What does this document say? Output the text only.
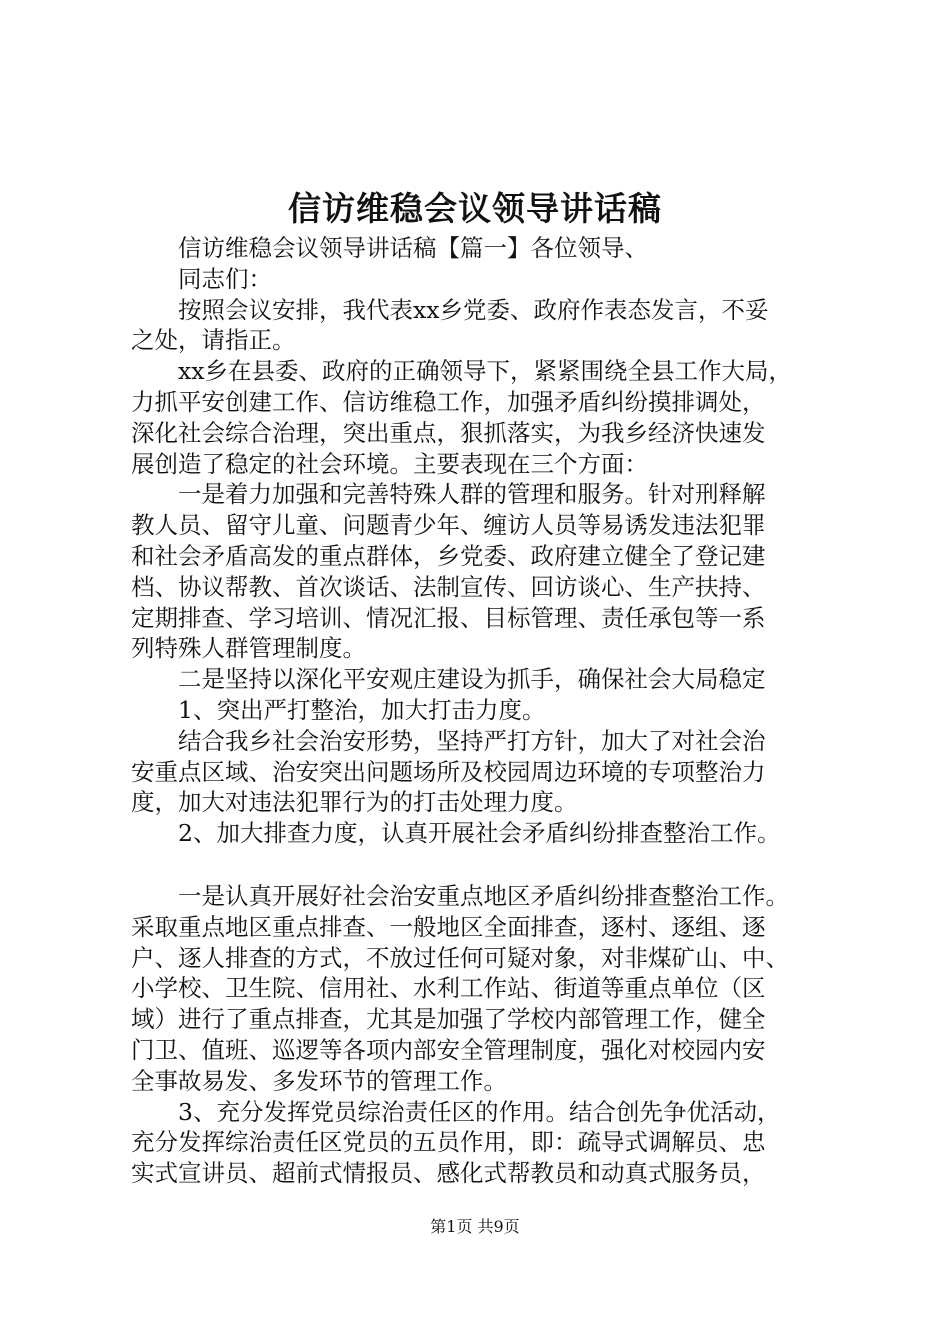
信访维稳会议领导讲话稿
信访维稳会议领导讲话稿【篇一】各位领导、
同志们：
按照会议安排，我代表xx乡党委、政府作表态发言，不妥
之处，请指正。
xx乡在县委、政府的正确领导下，紧紧围绕全县工作大局，
力抓平安创建工作、信访维稳工作，加强矛盾纠纷摸排调处，
深化社会综合治理，突出重点，狠抓落实，为我乡经济快速发
展创造了稳定的社会环境。主要表现在三个方面：
一是着力加强和完善特殊人群的管理和服务。针对刑释解
教人员、留守儿童、问题青少年、缠访人员等易诱发违法犯罪
和社会矛盾高发的重点群体，乡党委、政府建立健全了登记建
档、协议帮教、首次谈话、法制宣传、回访谈心、生产扶持、
定期排查、学习培训、情况汇报、目标管理、责任承包等一系
列特殊人群管理制度。
二是坚持以深化平安观庄建设为抓手，确保社会大局稳定
1、突出严打整治，加大打击力度。
结合我乡社会治安形势，坚持严打方针，加大了对社会治
安重点区域、治安突出问题场所及校园周边环境的专项整治力
度，加大对违法犯罪行为的打击处理力度。
2、加大排查力度，认真开展社会矛盾纠纷排查整治工作。
一是认真开展好社会治安重点地区矛盾纠纷排查整治工作。
采取重点地区重点排查、一般地区全面排查，逐村、逐组、逐
户、逐人排查的方式，不放过任何可疑对象，对非煤矿山、中、
小学校、卫生院、信用社、水利工作站、街道等重点单位（区
域）进行了重点排查，尤其是加强了学校内部管理工作，健全
门卫、值班、巡逻等各项内部安全管理制度，强化对校园内安
全事故易发、多发环节的管理工作。
3、充分发挥党员综治责任区的作用。结合创先争优活动，
充分发挥综治责任区党员的五员作用，即：疏导式调解员、忠
实式宣讲员、超前式情报员、感化式帮教员和动真式服务员，
第1页 共9页
